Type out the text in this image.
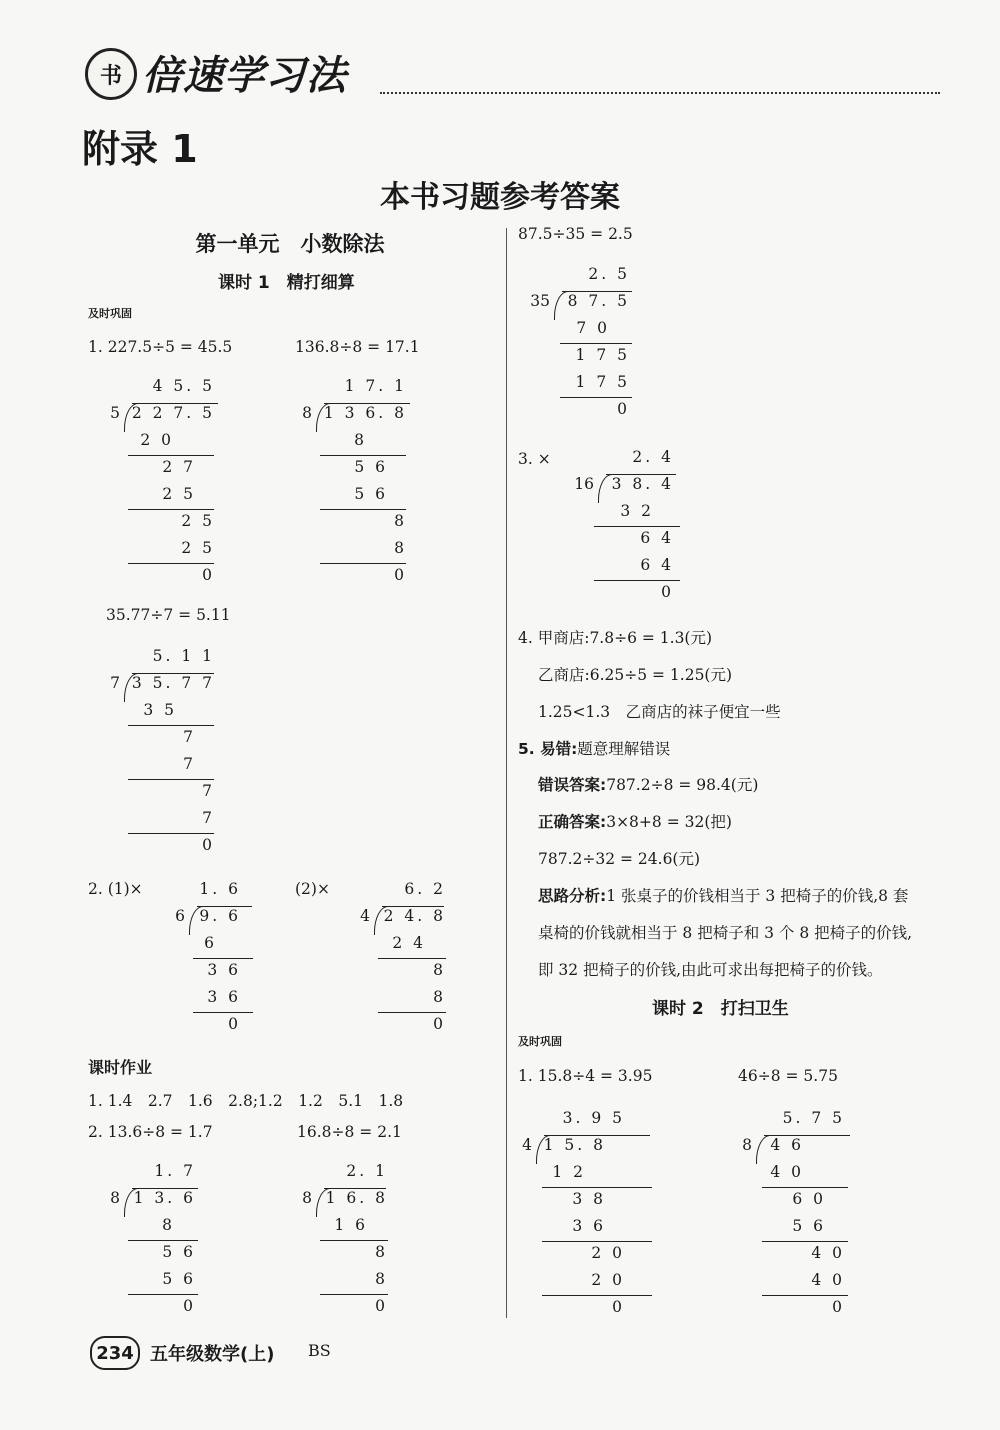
书 倍速学习法
附录 1
本书习题参考答案
第一单元　小数除法
课时 1　精打细算
及时巩固
1. 227.5÷5 = 45.5	136.8÷8 = 17.1
5
4 5. 5
2 2 7. 5
2 0
2 7
2 5
2 5
2 5
0
8
1 7. 1
1 3 6. 8
8
5 6
5 6
8
8
0
35.77÷7 = 5.11
7
5. 1 1
3 5. 7 7
3 5
7
7
7
7
0
2. (1)×	(2)×
6
1. 6
9. 6
6
3 6
3 6
0
4
6. 2
2 4. 8
2 4
8
8
0
课时作业
1. 1.4　2.7　1.6　2.8;1.2　1.2　5.1　1.8
2. 13.6÷8 = 1.7	16.8÷8 = 2.1
8
1. 7
1 3. 6
8
5 6
5 6
0
8
2. 1
1 6. 8
1 6
8
8
0
87.5÷35 = 2.5
35
2. 5
8 7. 5
7 0
1 7 5
1 7 5
0
3. ×
16
2. 4
3 8. 4
3 2
6 4
6 4
0
4. 甲商店:7.8÷6 = 1.3(元)
乙商店:6.25÷5 = 1.25(元)
1.25<1.3　乙商店的袜子便宜一些
5. 易错:题意理解错误
错误答案:787.2÷8 = 98.4(元)
正确答案:3×8+8 = 32(把)
787.2÷32 = 24.6(元)
思路分析:1 张桌子的价钱相当于 3 把椅子的价钱,8 套
桌椅的价钱就相当于 8 把椅子和 3 个 8 把椅子的价钱,
即 32 把椅子的价钱,由此可求出每把椅子的价钱。
课时 2　打扫卫生
及时巩固
1. 15.8÷4 = 3.95	46÷8 = 5.75
4
3. 9 5
1 5. 8
1 2
3 8
3 6
2 0
2 0
0
8
5. 7 5
4 6
4 0
6 0
5 6
4 0
4 0
0
234 五年级数学(上) BS
